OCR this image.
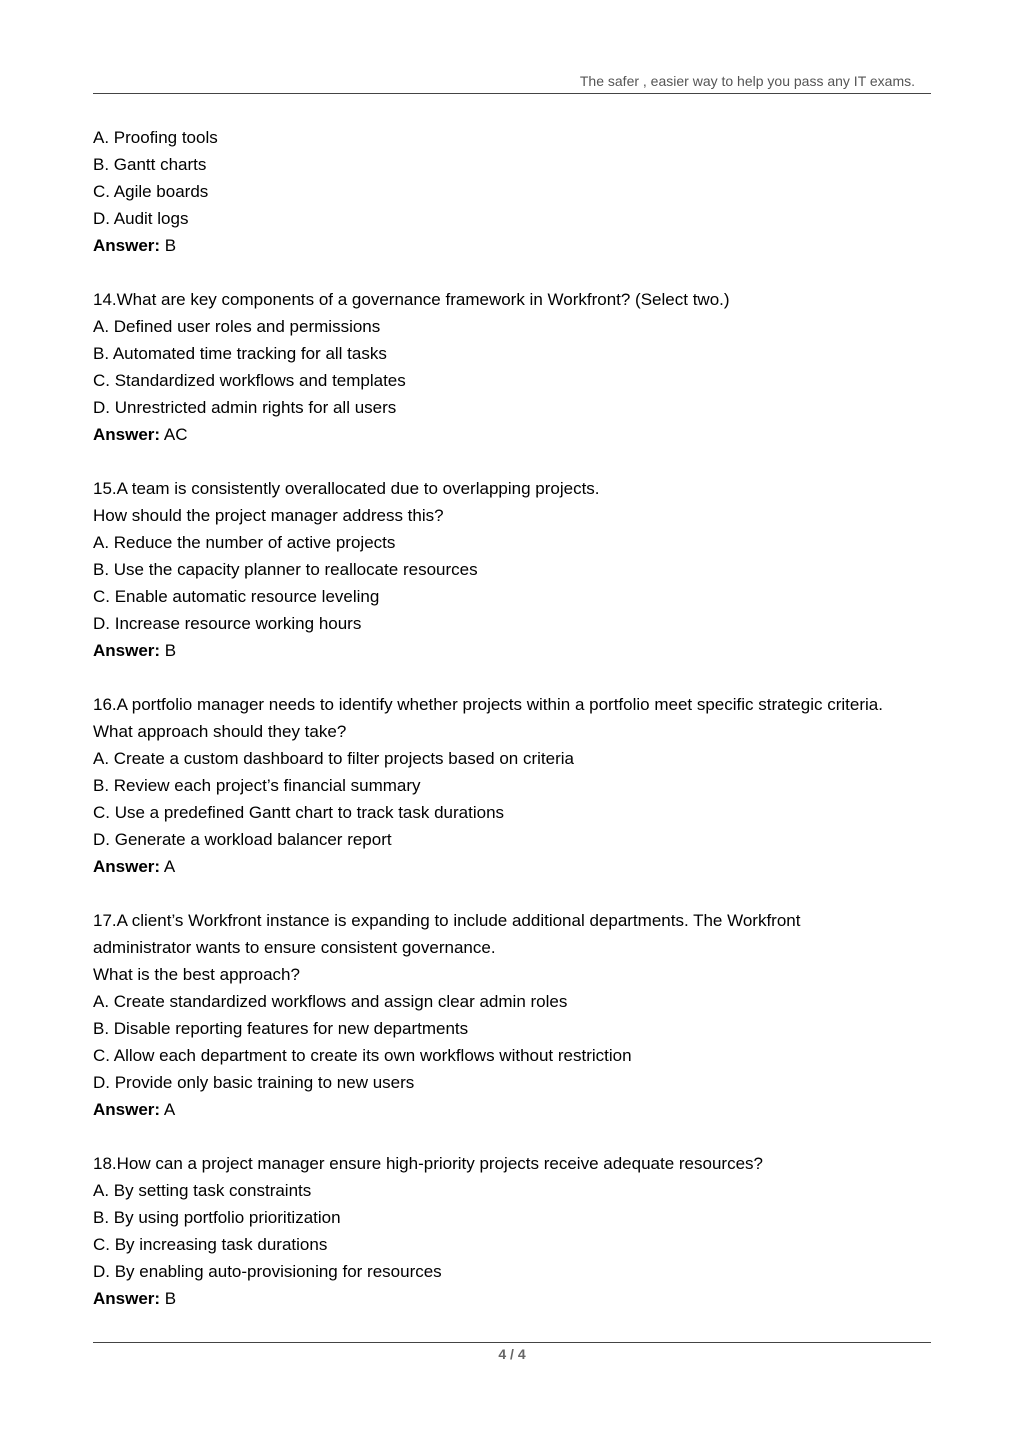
The safer , easier way to help you pass any IT exams.
A. Proofing tools
B. Gantt charts
C. Agile boards
D. Audit logs
Answer: B
14.What are key components of a governance framework in Workfront? (Select two.)
A. Defined user roles and permissions
B. Automated time tracking for all tasks
C. Standardized workflows and templates
D. Unrestricted admin rights for all users
Answer: AC
15.A team is consistently overallocated due to overlapping projects.
How should the project manager address this?
A. Reduce the number of active projects
B. Use the capacity planner to reallocate resources
C. Enable automatic resource leveling
D. Increase resource working hours
Answer: B
16.A portfolio manager needs to identify whether projects within a portfolio meet specific strategic criteria.
What approach should they take?
A. Create a custom dashboard to filter projects based on criteria
B. Review each project’s financial summary
C. Use a predefined Gantt chart to track task durations
D. Generate a workload balancer report
Answer: A
17.A client’s Workfront instance is expanding to include additional departments. The Workfront
administrator wants to ensure consistent governance.
What is the best approach?
A. Create standardized workflows and assign clear admin roles
B. Disable reporting features for new departments
C. Allow each department to create its own workflows without restriction
D. Provide only basic training to new users
Answer: A
18.How can a project manager ensure high-priority projects receive adequate resources?
A. By setting task constraints
B. By using portfolio prioritization
C. By increasing task durations
D. By enabling auto-provisioning for resources
Answer: B
4 / 4
